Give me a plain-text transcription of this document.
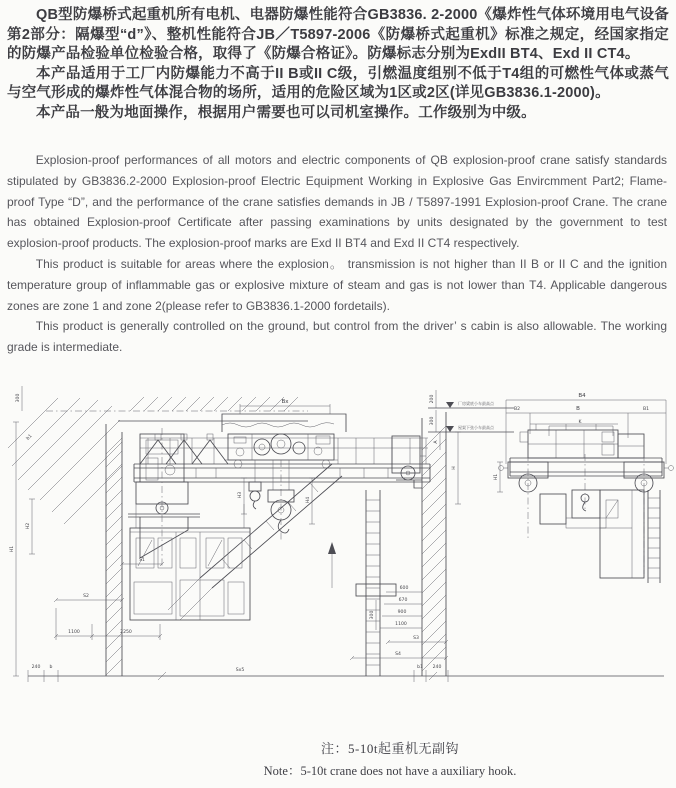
QB型防爆桥式起重机所有电机、电器防爆性能符合GB3836. 2-2000《爆炸性气体环境用电气设备第2部分：隔爆型“d”》、整机性能符合JB／T5897-2006《防爆桥式起重机》标准之规定，经国家指定的防爆产品检验单位检验合格，取得了《防爆合格证》。防爆标志分别为ExdII BT4、Exd II CT4。

本产品适用于工厂内防爆能力不高于II B或II C级，引燃温度组别不低于T4组的可燃性气体或蒸气与空气形成的爆炸性气体混合物的场所，适用的危险区域为1区或2区(详见GB3836.1-2000)。

本产品一般为地面操作，根据用户需要也可以司机室操作。工作级别为中级。

Explosion-proof performances of all motors and electric components of QB explosion-proof crane satisfy standards stipulated by GB3836.2-2000 Explosion-proof Electric Equipment Working in Explosive Gas Envircmment Part2; Flame-proof Type “D”, and the performance of the crane satisfies demands in JB / T5897-1991 Explosion-proof Crane. The crane has obtained Explosion-proof Certificate after passing examinations by units designated by the government to test explosion-proof products. The explosion-proof marks are Exd II BT4 and Exd II CT4 respectively.

This product is suitable for areas where the explosion。 transmission is not higher than II B or II C and the ignition temperature group of inflammable gas or explosive mixture of steam and gas is not lower than T4. Applicable dangerous zones are zone 1 and zone 2(please refer to GB3836.1-2000 fordetails).

This product is generally controlled on the ground, but control from the driver’ s cabin is also allowable. The working grade is intermediate.

Bx
H3
H4
600
670
900
1100
300
S3
S4
b1 240
H1
H2
300
b1
S1
S2
1100	2250
240 b
Sx5
厂房梁底小车最高点
200
屋架下弦小车最高点
300
A
H
B4
B2	B	B1
K
H1

注：5-10t起重机无副钩

Note：5-10t crane does not have a auxiliary hook.
